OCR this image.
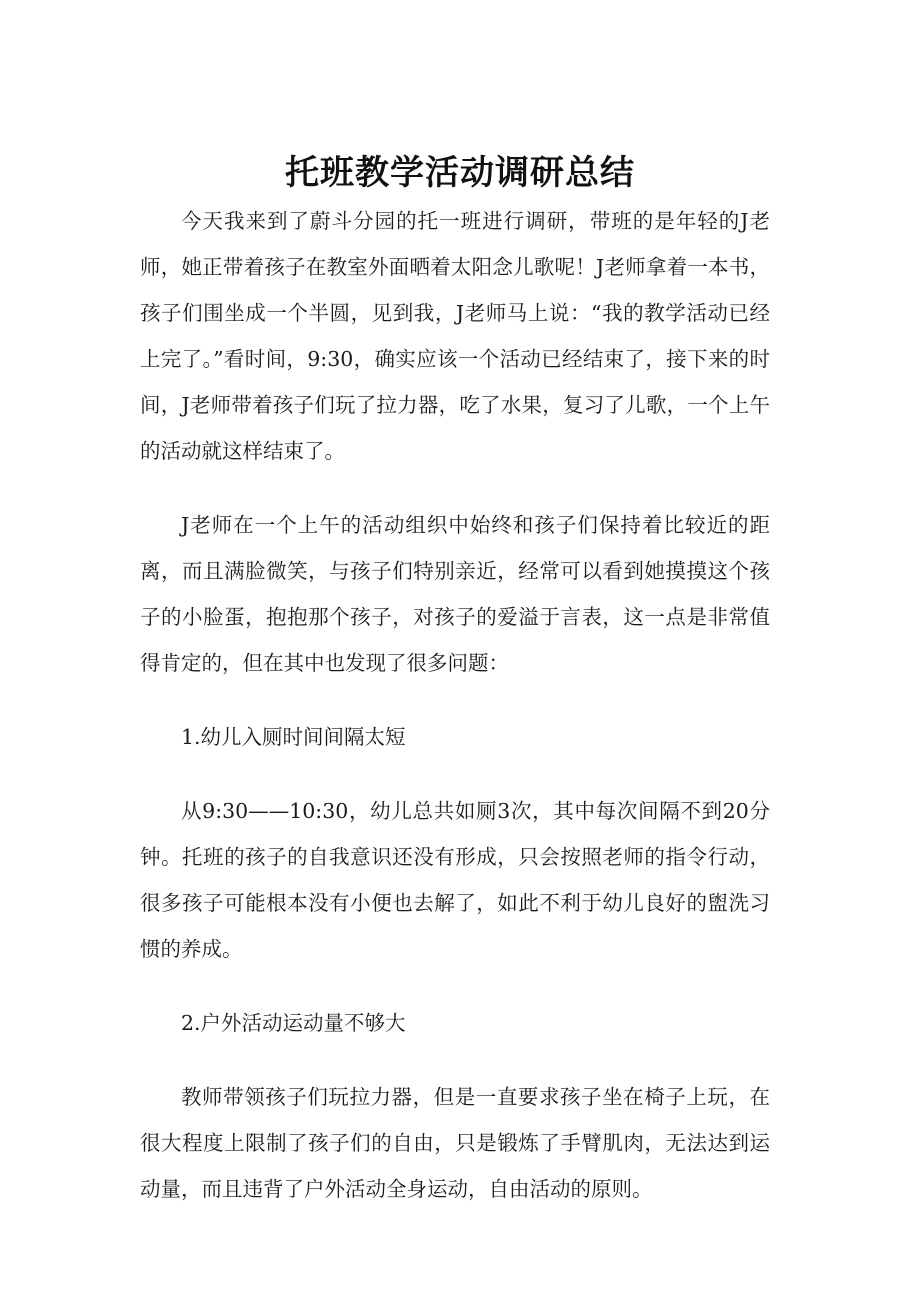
托班教学活动调研总结

今天我来到了蔚斗分园的托一班进行调研，带班的是年轻的J老师，她正带着孩子在教室外面晒着太阳念儿歌呢！J老师拿着一本书，孩子们围坐成一个半圆，见到我，J老师马上说：“我的教学活动已经上完了。”看时间，9:30，确实应该一个活动已经结束了，接下来的时间，J老师带着孩子们玩了拉力器，吃了水果，复习了儿歌，一个上午的活动就这样结束了。

J老师在一个上午的活动组织中始终和孩子们保持着比较近的距离，而且满脸微笑，与孩子们特别亲近，经常可以看到她摸摸这个孩子的小脸蛋，抱抱那个孩子，对孩子的爱溢于言表，这一点是非常值得肯定的，但在其中也发现了很多问题：

1.幼儿入厕时间间隔太短

从9:30——10:30，幼儿总共如厕3次，其中每次间隔不到20分钟。托班的孩子的自我意识还没有形成，只会按照老师的指令行动，很多孩子可能根本没有小便也去解了，如此不利于幼儿良好的盥洗习惯的养成。

2.户外活动运动量不够大

教师带领孩子们玩拉力器，但是一直要求孩子坐在椅子上玩，在很大程度上限制了孩子们的自由，只是锻炼了手臂肌肉，无法达到运动量，而且违背了户外活动全身运动，自由活动的原则。
